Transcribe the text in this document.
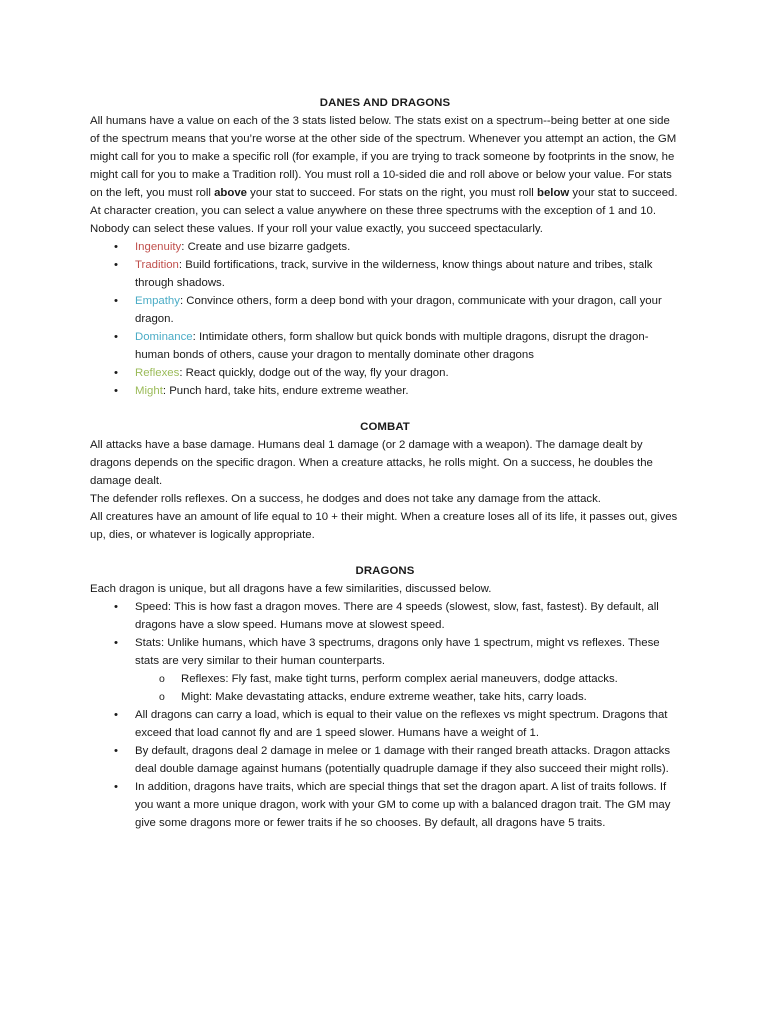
DANES AND DRAGONS

All humans have a value on each of the 3 stats listed below. The stats exist on a spectrum--being better at one side of the spectrum means that you’re worse at the other side of the spectrum. Whenever you attempt an action, the GM might call for you to make a specific roll (for example, if you are trying to track someone by footprints in the snow, he might call for you to make a Tradition roll). You must roll a 10-sided die and roll above or below your value. For stats on the left, you must roll above your stat to succeed. For stats on the right, you must roll below your stat to succeed. At character creation, you can select a value anywhere on these three spectrums with the exception of 1 and 10. Nobody can select these values. If your roll your value exactly, you succeed spectacularly.

• Ingenuity: Create and use bizarre gadgets.
• Tradition: Build fortifications, track, survive in the wilderness, know things about nature and tribes, stalk through shadows.
• Empathy: Convince others, form a deep bond with your dragon, communicate with your dragon, call your dragon.
• Dominance: Intimidate others, form shallow but quick bonds with multiple dragons, disrupt the dragon-human bonds of others, cause your dragon to mentally dominate other dragons
• Reflexes: React quickly, dodge out of the way, fly your dragon.
• Might: Punch hard, take hits, endure extreme weather.
COMBAT

All attacks have a base damage. Humans deal 1 damage (or 2 damage with a weapon). The damage dealt by dragons depends on the specific dragon. When a creature attacks, he rolls might. On a success, he doubles the damage dealt.

The defender rolls reflexes. On a success, he dodges and does not take any damage from the attack.

All creatures have an amount of life equal to 10 + their might. When a creature loses all of its life, it passes out, gives up, dies, or whatever is logically appropriate.

DRAGONS

Each dragon is unique, but all dragons have a few similarities, discussed below.

• Speed: This is how fast a dragon moves. There are 4 speeds (slowest, slow, fast, fastest). By default, all dragons have a slow speed. Humans move at slowest speed.
• Stats: Unlike humans, which have 3 spectrums, dragons only have 1 spectrum, might vs reflexes. These stats are very similar to their human counterparts.
o Reflexes: Fly fast, make tight turns, perform complex aerial maneuvers, dodge attacks.
o Might: Make devastating attacks, endure extreme weather, take hits, carry loads.
• All dragons can carry a load, which is equal to their value on the reflexes vs might spectrum. Dragons that exceed that load cannot fly and are 1 speed slower. Humans have a weight of 1.
• By default, dragons deal 2 damage in melee or 1 damage with their ranged breath attacks. Dragon attacks deal double damage against humans (potentially quadruple damage if they also succeed their might rolls).
• In addition, dragons have traits, which are special things that set the dragon apart. A list of traits follows. If you want a more unique dragon, work with your GM to come up with a balanced dragon trait. The GM may give some dragons more or fewer traits if he so chooses. By default, all dragons have 5 traits.
